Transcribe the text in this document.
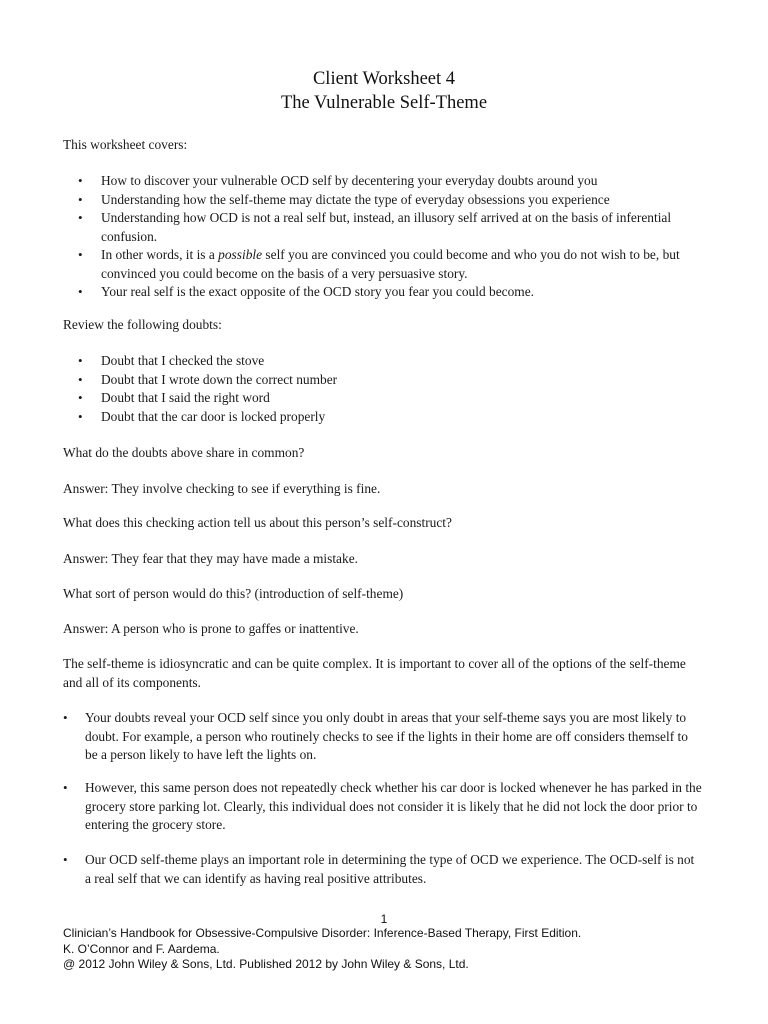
Client Worksheet 4
The Vulnerable Self-Theme

This worksheet covers:

• How to discover your vulnerable OCD self by decentering your everyday doubts around you
• Understanding how the self-theme may dictate the type of everyday obsessions you experience
• Understanding how OCD is not a real self but, instead, an illusory self arrived at on the basis of inferential confusion.
• In other words, it is a possible self you are convinced you could become and who you do not wish to be, but convinced you could become on the basis of a very persuasive story.
• Your real self is the exact opposite of the OCD story you fear you could become.

Review the following doubts:

• Doubt that I checked the stove
• Doubt that I wrote down the correct number
• Doubt that I said the right word
• Doubt that the car door is locked properly

What do the doubts above share in common?

Answer: They involve checking to see if everything is fine.

What does this checking action tell us about this person’s self-construct?

Answer: They fear that they may have made a mistake.

What sort of person would do this? (introduction of self-theme)

Answer: A person who is prone to gaffes or inattentive.

The self-theme is idiosyncratic and can be quite complex. It is important to cover all of the options of the self-theme and all of its components.

• Your doubts reveal your OCD self since you only doubt in areas that your self-theme says you are most likely to doubt. For example, a person who routinely checks to see if the lights in their home are off considers themself to be a person likely to have left the lights on.
• However, this same person does not repeatedly check whether his car door is locked whenever he has parked in the grocery store parking lot. Clearly, this individual does not consider it is likely that he did not lock the door prior to entering the grocery store.
• Our OCD self-theme plays an important role in determining the type of OCD we experience. The OCD-self is not a real self that we can identify as having real positive attributes.
1
Clinician’s Handbook for Obsessive-Compulsive Disorder: Inference-Based Therapy, First Edition.
K. O’Connor and F. Aardema.
@ 2012 John Wiley & Sons, Ltd. Published 2012 by John Wiley & Sons, Ltd.
